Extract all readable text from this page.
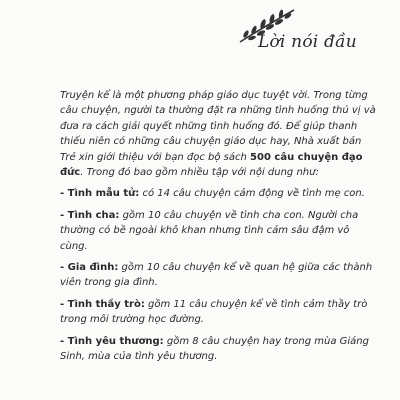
Lời nói đầu

Truyện kể là một phương pháp giáo dục tuyệt vời. Trong từng câu chuyện, người ta thường đặt ra những tình huống thú vị và đưa ra cách giải quyết những tình huống đó. Để giúp thanh thiếu niên có những câu chuyện giáo dục hay, Nhà xuất bản Trẻ xin giới thiệu với bạn đọc bộ sách 500 câu chuyện đạo đức. Trong đó bao gồm nhiều tập với nội dung như:

- Tình mẫu tử: có 14 câu chuyện cảm động về tình mẹ con.

- Tình cha: gồm 10 câu chuyện về tình cha con. Người cha thường có bề ngoài khô khan nhưng tình cảm sâu đậm vô cùng.

- Gia đình: gồm 10 câu chuyện kể về quan hệ giữa các thành viên trong gia đình.

- Tình thầy trò: gồm 11 câu chuyện kể về tình cảm thầy trò trong môi trường học đường.

- Tình yêu thương: gồm 8 câu chuyện hay trong mùa Giáng Sinh, mùa của tình yêu thương.
